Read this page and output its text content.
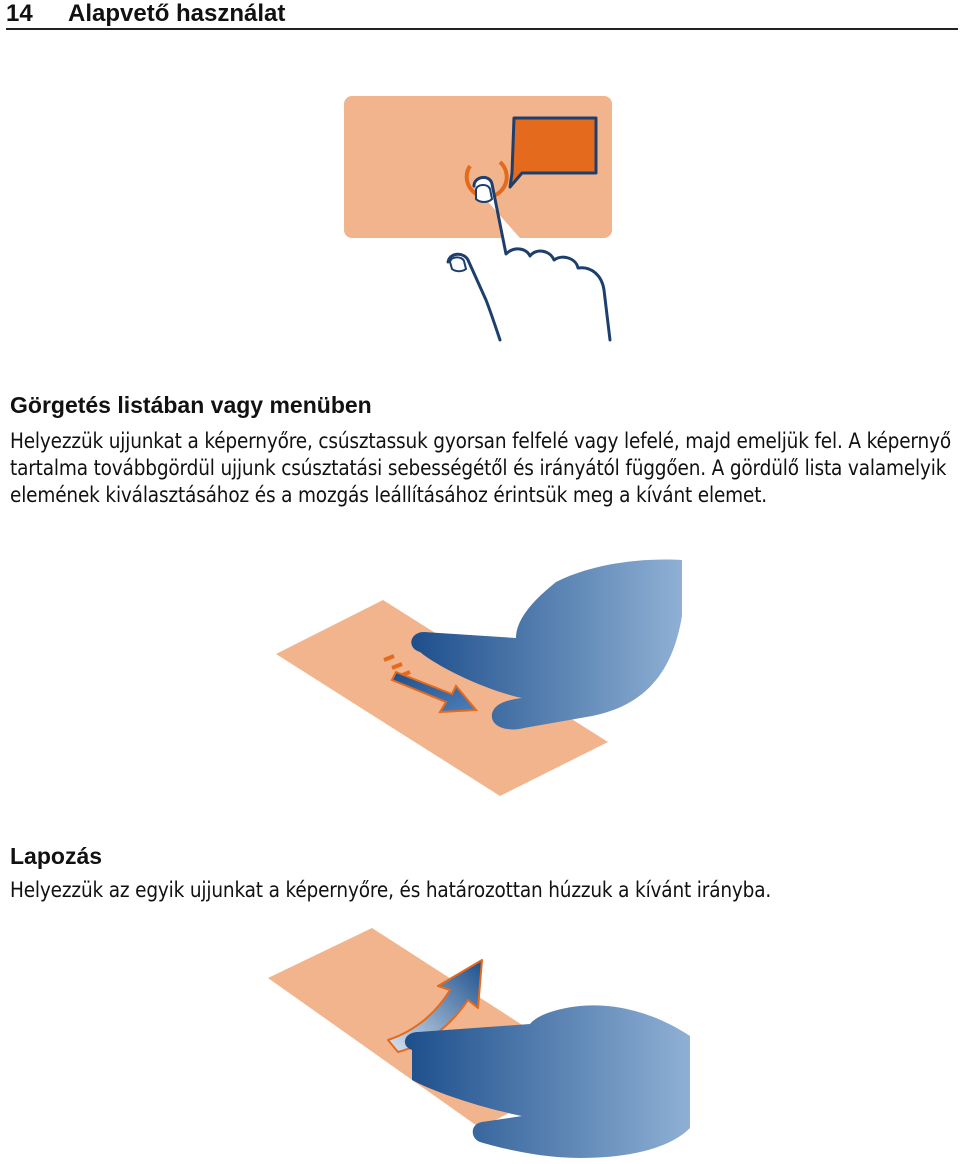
14 Alapvető használat
Görgetés listában vagy menüben
Helyezzük ujjunkat a képernyőre, csúsztassuk gyorsan felfelé vagy lefelé, majd emeljük fel. A képernyő tartalma továbbgördül ujjunk csúsztatási sebességétől és irányától függően. A gördülő lista valamelyik elemének kiválasztásához és a mozgás leállításához érintsük meg a kívánt elemet.
Lapozás
Helyezzük az egyik ujjunkat a képernyőre, és határozottan húzzuk a kívánt irányba.
